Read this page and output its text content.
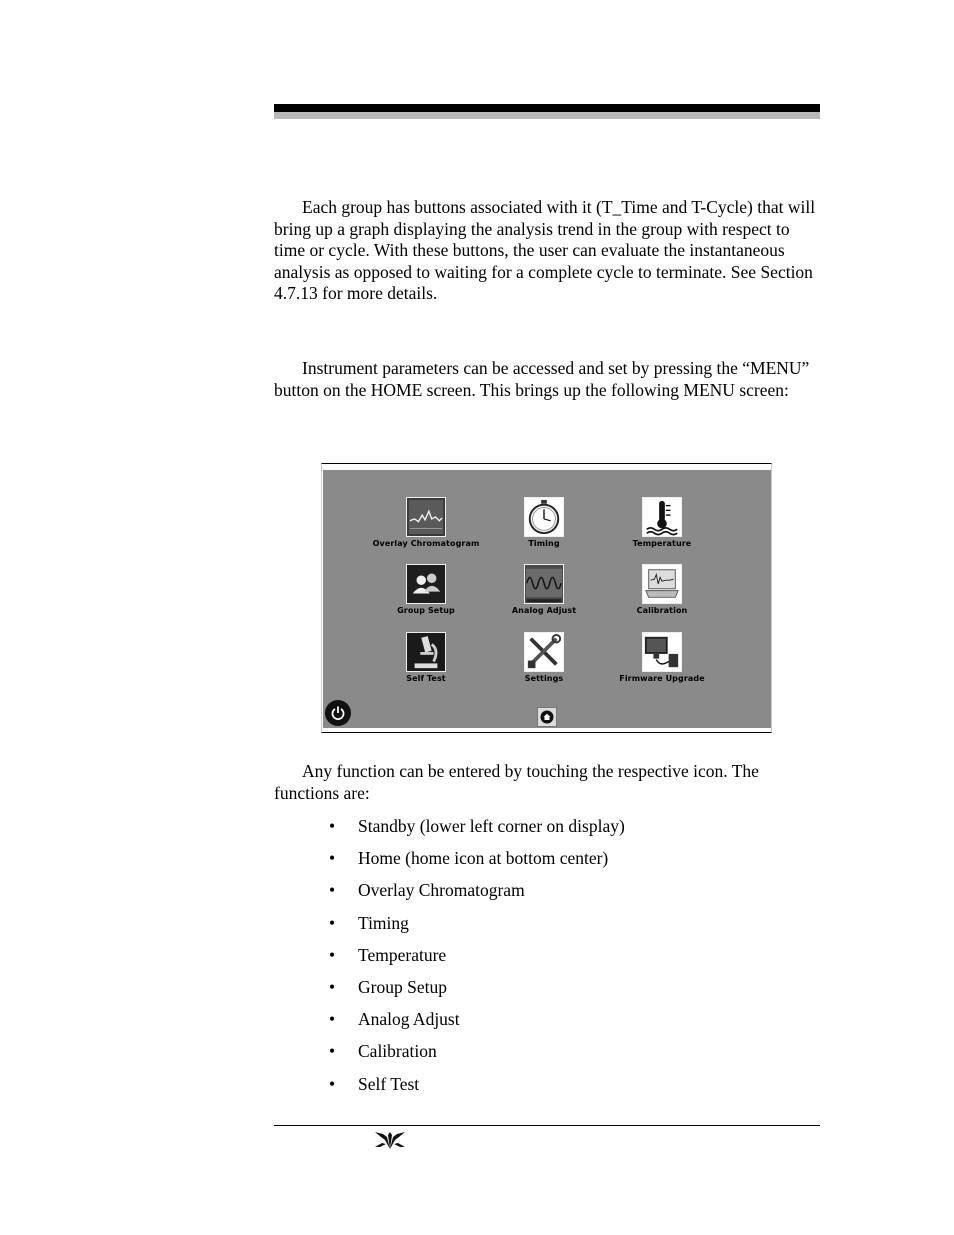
Each group has buttons associated with it (T_Time and T-Cycle) that will bring up a graph displaying the analysis trend in the group with respect to time or cycle. With these buttons, the user can evaluate the instantaneous analysis as opposed to waiting for a complete cycle to terminate. See Section 4.7.13 for more details.

Instrument parameters can be accessed and set by pressing the “MENU” button on the HOME screen. This brings up the following MENU screen:

Overlay Chromatogram	Timing	Temperature
Group Setup	Analog Adjust	Calibration
Self Test	Settings	Firmware Upgrade

Any function can be entered by touching the respective icon. The functions are:

• Standby (lower left corner on display)
• Home (home icon at bottom center)
• Overlay Chromatogram
• Timing
• Temperature
• Group Setup
• Analog Adjust
• Calibration
• Self Test
